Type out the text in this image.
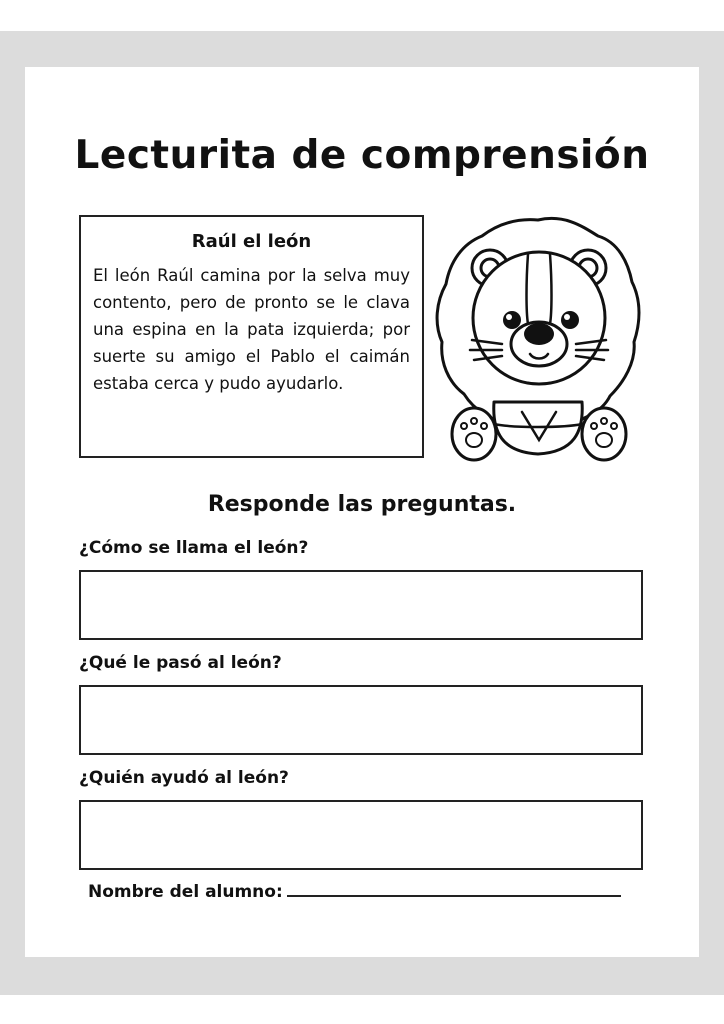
Lecturita de comprensión
Raúl el león
El león Raúl camina por la selva muy contento, pero de pronto se le clava una espina en la pata izquierda; por suerte su amigo el Pablo el caimán estaba cerca y pudo ayudarlo.
Responde las preguntas.
¿Cómo se llama el león?
¿Qué le pasó al león?
¿Quién ayudó al león?
Nombre del alumno:
